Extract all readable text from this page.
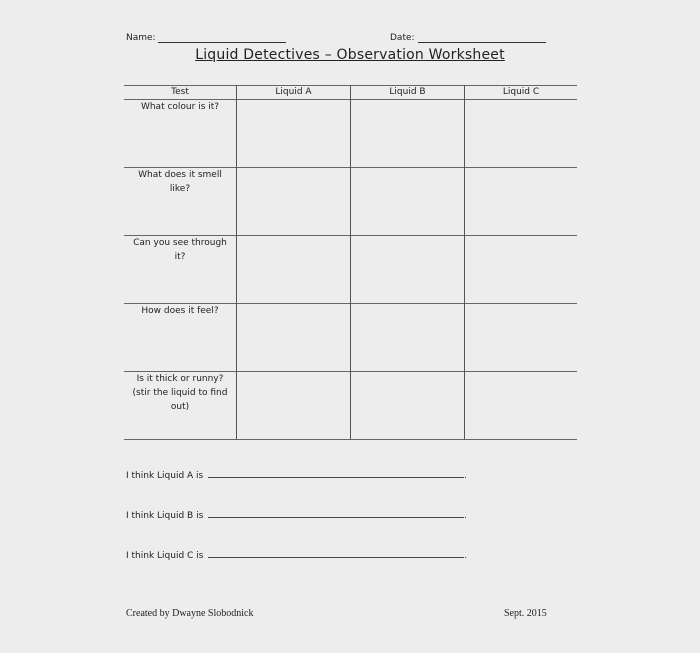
Name:	Date:
Liquid Detectives – Observation Worksheet
Test	Liquid A	Liquid B	Liquid C
What colour is it?
What does it smell like?
Can you see through it?
How does it feel?
Is it thick or runny? (stir the liquid to find out)
I think Liquid A is	.
I think Liquid B is	.
I think Liquid C is	.
Created by Dwayne Slobodnick	Sept. 2015
